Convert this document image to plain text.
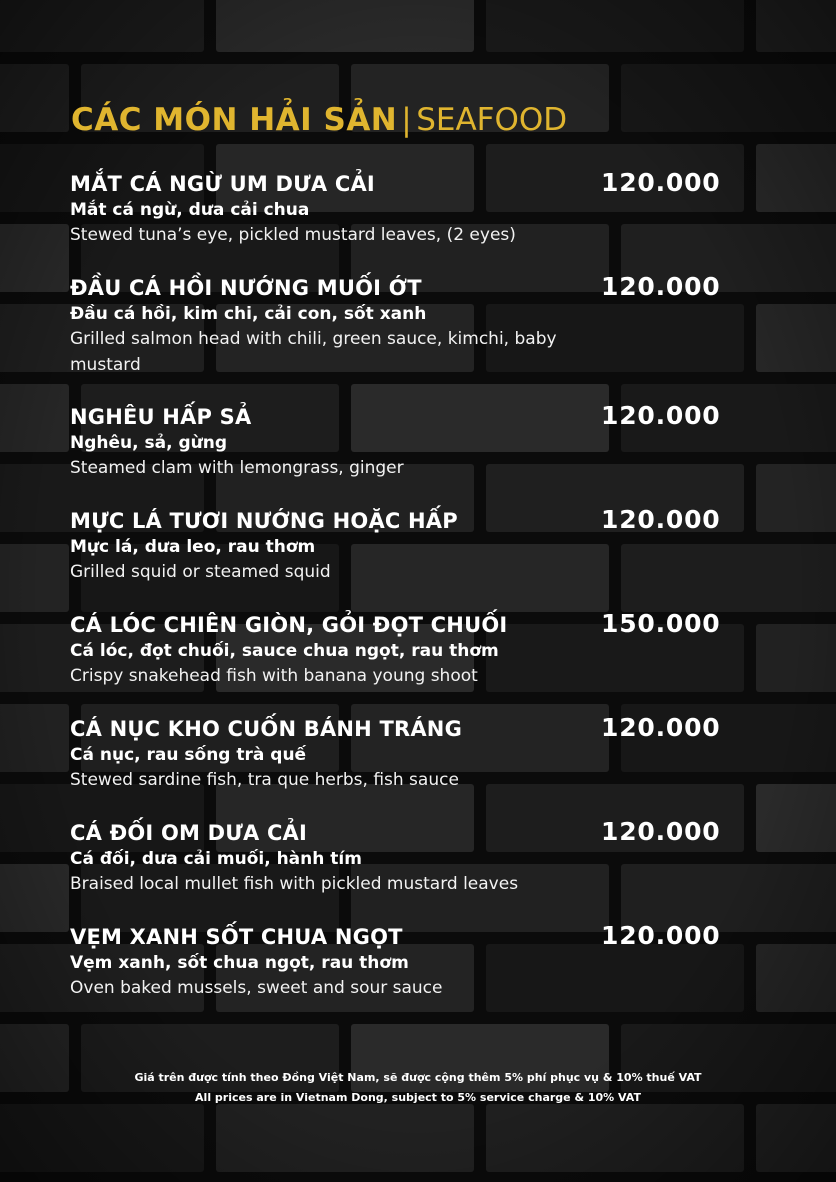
CÁC MÓN HẢI SẢN | SEAFOOD
MẮT CÁ NGỪ UM DƯA CẢI	120.000
Mắt cá ngừ, dưa cải chua
Stewed tuna’s eye, pickled mustard leaves, (2 eyes)
ĐẦU CÁ HỒI NƯỚNG MUỐI ỚT	120.000
Đầu cá hồi, kim chi, cải con, sốt xanh
Grilled salmon head with chili, green sauce, kimchi, baby mustard
NGHÊU HẤP SẢ	120.000
Nghêu, sả, gừng
Steamed clam with lemongrass, ginger
MỰC LÁ TƯƠI NƯỚNG HOẶC HẤP	120.000
Mực lá, dưa leo, rau thơm
Grilled squid or steamed squid
CÁ LÓC CHIÊN GIÒN, GỎI ĐỌT CHUỐI	150.000
Cá lóc, đọt chuối, sauce chua ngọt, rau thơm
Crispy snakehead fish with banana young shoot
CÁ NỤC KHO CUỐN BÁNH TRÁNG	120.000
Cá nục, rau sống trà quế
Stewed sardine fish, tra que herbs, fish sauce
CÁ ĐỐI OM DƯA CẢI	120.000
Cá đối, dưa cải muối, hành tím
Braised local mullet fish with pickled mustard leaves
VẸM XANH SỐT CHUA NGỌT	120.000
Vẹm xanh, sốt chua ngọt, rau thơm
Oven baked mussels, sweet and sour sauce
Giá trên được tính theo Đồng Việt Nam, sẽ được cộng thêm 5% phí phục vụ & 10% thuế VAT
All prices are in Vietnam Dong, subject to 5% service charge & 10% VAT
